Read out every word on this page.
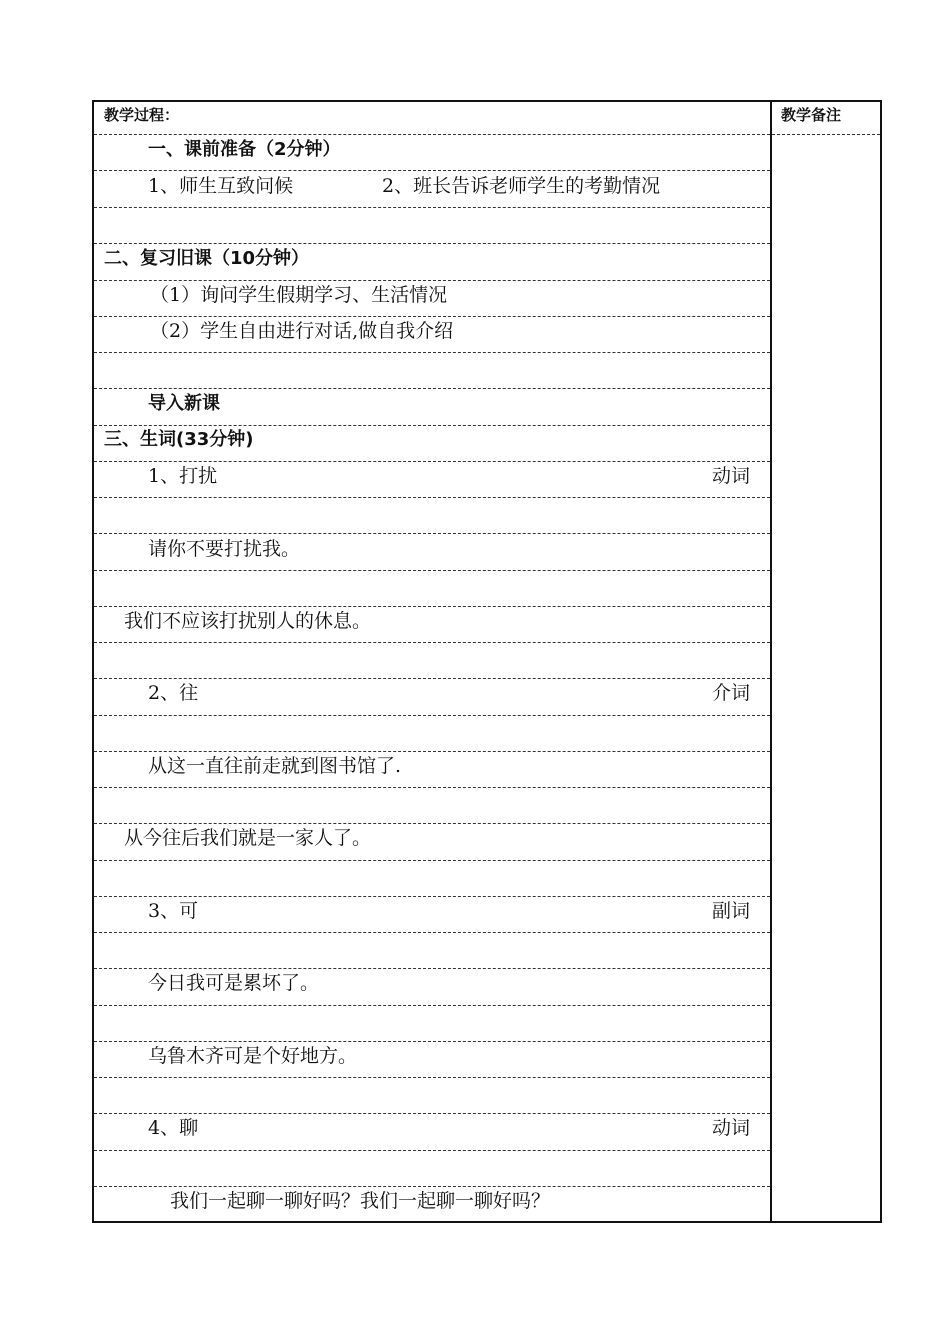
教学过程：	教学备注
一、课前准备（2分钟）
1、师生互致问候	2、班长告诉老师学生的考勤情况
二、复习旧课（10分钟）
（1）询问学生假期学习、生活情况
（2）学生自由进行对话,做自我介绍
导入新课
三、生词(33分钟)
1、打扰	动词
请你不要打扰我。
我们不应该打扰别人的休息。
2、往	介词
从这一直往前走就到图书馆了.
从今往后我们就是一家人了。
3、可	副词
今日我可是累坏了。
乌鲁木齐可是个好地方。
4、聊	动词
我们一起聊一聊好吗？我们一起聊一聊好吗？
